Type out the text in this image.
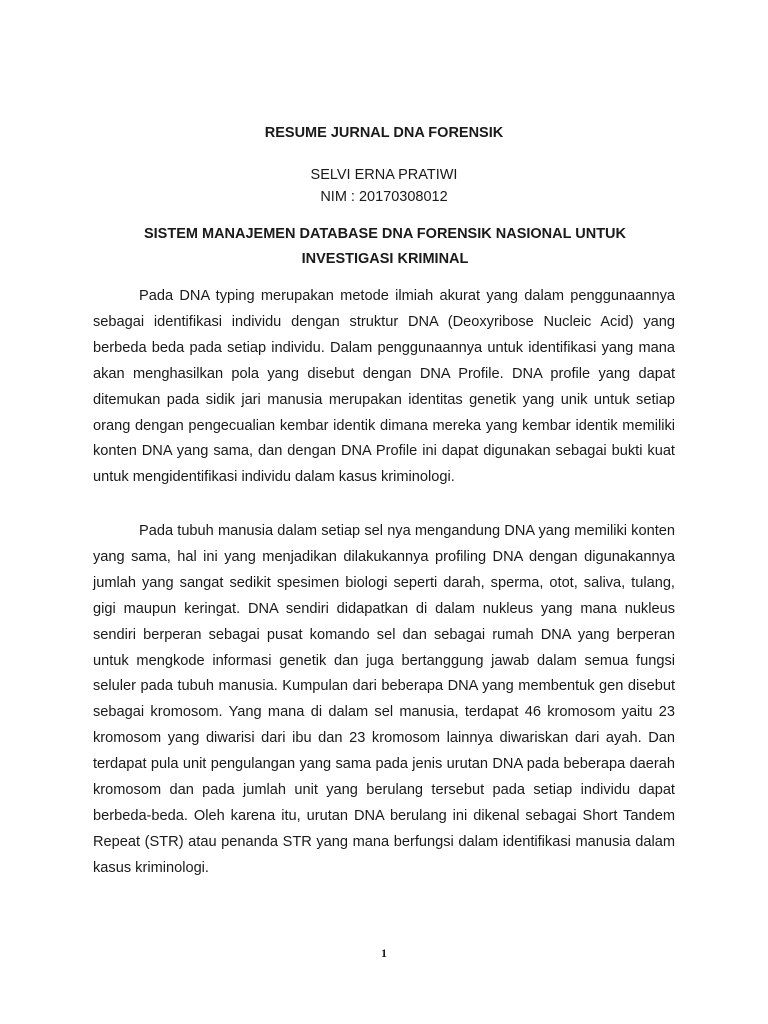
RESUME JURNAL DNA FORENSIK
SELVI ERNA PRATIWI
NIM : 20170308012
SISTEM MANAJEMEN DATABASE DNA FORENSIK NASIONAL UNTUK
INVESTIGASI KRIMINAL

Pada DNA typing merupakan metode ilmiah akurat yang dalam penggunaannya sebagai identifikasi individu dengan struktur DNA (Deoxyribose Nucleic Acid) yang berbeda beda pada setiap individu. Dalam penggunaannya untuk identifikasi yang mana akan menghasilkan pola yang disebut dengan DNA Profile. DNA profile yang dapat ditemukan pada sidik jari manusia merupakan identitas genetik yang unik untuk setiap orang dengan pengecualian kembar identik dimana mereka yang kembar identik memiliki konten DNA yang sama, dan dengan DNA Profile ini dapat digunakan sebagai bukti kuat untuk mengidentifikasi individu dalam kasus kriminologi.

Pada tubuh manusia dalam setiap sel nya mengandung DNA yang memiliki konten yang sama, hal ini yang menjadikan dilakukannya profiling DNA dengan digunakannya jumlah yang sangat sedikit spesimen biologi seperti darah, sperma, otot, saliva, tulang, gigi maupun keringat. DNA sendiri didapatkan di dalam nukleus yang mana nukleus sendiri berperan sebagai pusat komando sel dan sebagai rumah DNA yang berperan untuk mengkode informasi genetik dan juga bertanggung jawab dalam semua fungsi seluler pada tubuh manusia. Kumpulan dari beberapa DNA yang membentuk gen disebut sebagai kromosom. Yang mana di dalam sel manusia, terdapat 46 kromosom yaitu 23 kromosom yang diwarisi dari ibu dan 23 kromosom lainnya diwariskan dari ayah. Dan terdapat pula unit pengulangan yang sama pada jenis urutan DNA pada beberapa daerah kromosom dan pada jumlah unit yang berulang tersebut pada setiap individu dapat berbeda-beda. Oleh karena itu, urutan DNA berulang ini dikenal sebagai Short Tandem Repeat (STR) atau penanda STR yang mana berfungsi dalam identifikasi manusia dalam kasus kriminologi.

1
